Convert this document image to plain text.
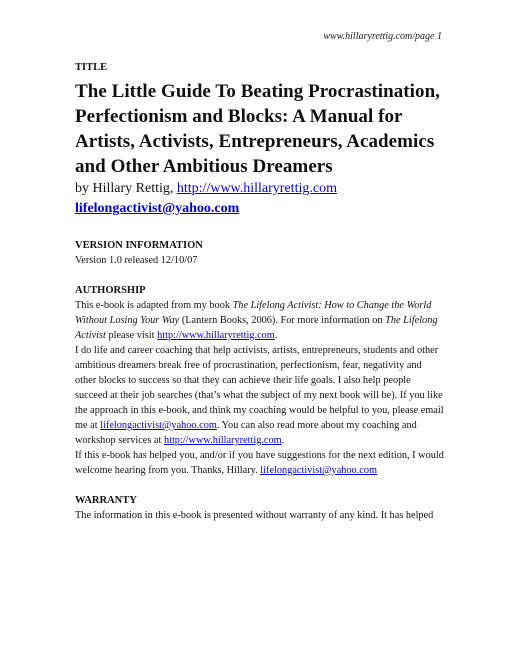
www.hillaryrettig.com/page 1

TITLE

The Little Guide To Beating Procrastination, Perfectionism and Blocks: A Manual for Artists, Activists, Entrepreneurs, Academics and Other Ambitious Dreamers

by Hillary Rettig, http://www.hillaryrettig.com

lifelongactivist@yahoo.com

VERSION INFORMATION

Version 1.0 released 12/10/07

AUTHORSHIP

This e-book is adapted from my book The Lifelong Activist: How to Change the World Without Losing Your Way (Lantern Books, 2006). For more information on The Lifelong Activist please visit http://www.hillaryrettig.com.

I do life and career coaching that help activists, artists, entrepreneurs, students and other ambitious dreamers break free of procrastination, perfectionism, fear, negativity and other blocks to success so that they can achieve their life goals. I also help people succeed at their job searches (that’s what the subject of my next book will be). If you like the approach in this e-book, and think my coaching would be helpful to you, please email me at lifelongactivist@yahoo.com. You can also read more about my coaching and workshop services at http://www.hillaryrettig.com.

If this e-book has helped you, and/or if you have suggestions for the next edition, I would welcome hearing from you. Thanks, Hillary. lifelongactivist@yahoo.com

WARRANTY

The information in this e-book is presented without warranty of any kind. It has helped
